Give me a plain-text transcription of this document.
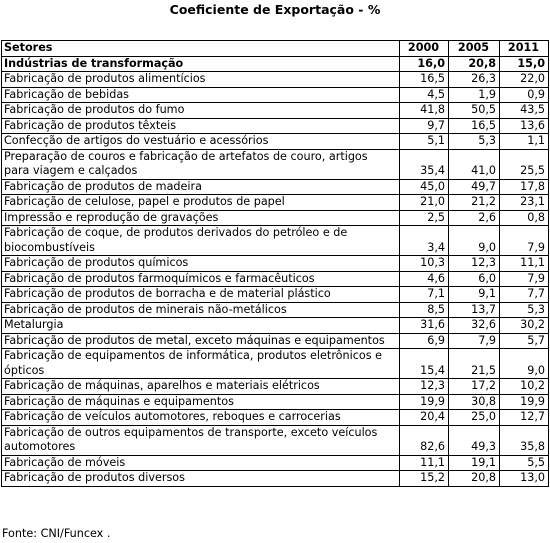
Coeficiente de Exportação - %
Setores	2000	2005	2011
Indústrias de transformação	16,0	20,8	15,0
Fabricação de produtos alimentícios	16,5	26,3	22,0
Fabricação de bebidas	4,5	1,9	0,9
Fabricação de produtos do fumo	41,8	50,5	43,5
Fabricação de produtos têxteis	9,7	16,5	13,6
Confecção de artigos do vestuário e acessórios	5,1	5,3	1,1
Preparação de couros e fabricação de artefatos de couro, artigos para viagem e calçados	35,4	41,0	25,5
Fabricação de produtos de madeira	45,0	49,7	17,8
Fabricação de celulose, papel e produtos de papel	21,0	21,2	23,1
Impressão e reprodução de gravações	2,5	2,6	0,8
Fabricação de coque, de produtos derivados do petróleo e de biocombustíveis	3,4	9,0	7,9
Fabricação de produtos químicos	10,3	12,3	11,1
Fabricação de produtos farmoquímicos e farmacêuticos	4,6	6,0	7,9
Fabricação de produtos de borracha e de material plástico	7,1	9,1	7,7
Fabricação de produtos de minerais não-metálicos	8,5	13,7	5,3
Metalurgia	31,6	32,6	30,2
Fabricação de produtos de metal, exceto máquinas e equipamentos	6,9	7,9	5,7
Fabricação de equipamentos de informática, produtos eletrônicos e ópticos	15,4	21,5	9,0
Fabricação de máquinas, aparelhos e materiais elétricos	12,3	17,2	10,2
Fabricação de máquinas e equipamentos	19,9	30,8	19,9
Fabricação de veículos automotores, reboques e carrocerias	20,4	25,0	12,7
Fabricação de outros equipamentos de transporte, exceto veículos automotores	82,6	49,3	35,8
Fabricação de móveis	11,1	19,1	5,5
Fabricação de produtos diversos	15,2	20,8	13,0
Fonte: CNI/Funcex .
